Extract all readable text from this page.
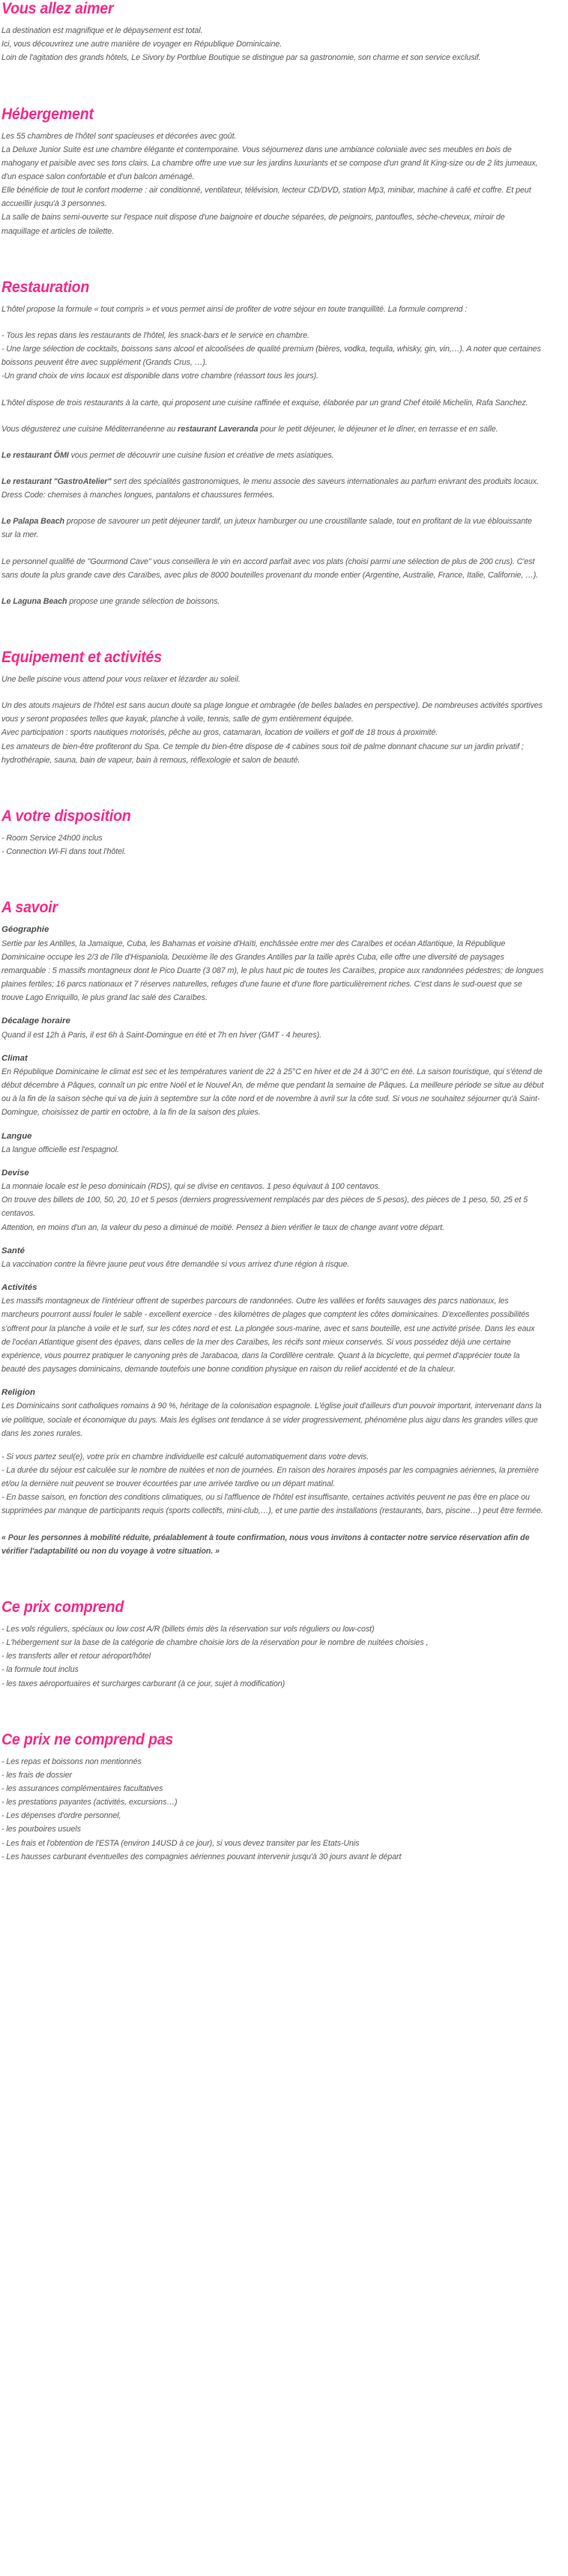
Vous allez aimer
La destination est magnifique et le dépaysement est total.
Ici, vous découvrirez une autre manière de voyager en République Dominicaine.
Loin de l'agitation des grands hôtels, Le Sivory by Portblue Boutique se distingue par sa gastronomie, son charme et son service exclusif.
Hébergement
Les 55 chambres de l'hôtel sont spacieuses et décorées avec goût.
La Deluxe Junior Suite est une chambre élégante et contemporaine. Vous séjournerez dans une ambiance coloniale avec ses meubles en bois de mahogany et paisible avec ses tons clairs. La chambre offre une vue sur les jardins luxuriants et se compose d'un grand lit King-size ou de 2 lits jumeaux, d'un espace salon confortable et d'un balcon aménagé.
Elle bénéficie de tout le confort moderne : air conditionné, ventilateur, télévision, lecteur CD/DVD, station Mp3, minibar, machine à café et coffre. Et peut accueillir jusqu'à 3 personnes.
La salle de bains semi-ouverte sur l'espace nuit dispose d'une baignoire et douche séparées, de peignoirs, pantoufles, sèche-cheveux, miroir de maquillage et articles de toilette.
Restauration
L'hôtel propose la formule « tout compris » et vous permet ainsi de profiter de votre séjour en toute tranquillité. La formule comprend :
- Tous les repas dans les restaurants de l'hôtel, les snack-bars et le service en chambre.
- Une large sélection de cocktails, boissons sans alcool et alcoolisées de qualité premium (bières, vodka, tequila, whisky, gin, vin,…). A noter que certaines boissons peuvent être avec supplément (Grands Crus, …).
-Un grand choix de vins locaux est disponible dans votre chambre (réassort tous les jours).
L'hôtel dispose de trois restaurants à la carte, qui proposent une cuisine raffinée et exquise, élaborée par un grand Chef étoilé Michelin, Rafa Sanchez.
Vous dégusterez une cuisine Méditerranéenne au restaurant Laveranda pour le petit déjeuner, le déjeuner et le dîner, en terrasse et en salle.
Le restaurant ÖMI vous permet de découvrir une cuisine fusion et créative de mets asiatiques.
Le restaurant "GastroAtelier" sert des spécialités gastronomiques, le menu associe des saveurs internationales au parfum enivrant des produits locaux. Dress Code: chemises à manches longues, pantalons et chaussures fermées.
Le Palapa Beach propose de savourer un petit déjeuner tardif, un juteux hamburger ou une croustillante salade, tout en profitant de la vue éblouissante sur la mer.
Le personnel qualifié de "Gourmond Cave" vous conseillera le vin en accord parfait avec vos plats (choisi parmi une sélection de plus de 200 crus). C'est sans doute la plus grande cave des Caraïbes, avec plus de 8000 bouteilles provenant du monde entier (Argentine, Australie, France, Italie, Californie, …).
Le Laguna Beach propose une grande sélection de boissons.
Equipement et activités
Une belle piscine vous attend pour vous relaxer et lézarder au soleil.
Un des atouts majeurs de l'hôtel est sans aucun doute sa plage longue et ombragée (de belles balades en perspective). De nombreuses activités sportives vous y seront proposées telles que kayak, planche à voile, tennis, salle de gym entièrement équipée.
Avec participation : sports nautiques motorisés, pêche au gros, catamaran, location de voiliers et golf de 18 trous à proximité.
Les amateurs de bien-être profiteront du Spa. Ce temple du bien-être dispose de 4 cabines sous toit de palme donnant chacune sur un jardin privatif ; hydrothérapie, sauna, bain de vapeur, bain à remous, réflexologie et salon de beauté.
A votre disposition
- Room Service 24h00 inclus
- Connection Wi-Fi dans tout l'hôtel.
A savoir
Géographie
Sertie par les Antilles, la Jamaïque, Cuba, les Bahamas et voisine d'Haïti, enchâssée entre mer des Caraïbes et océan Atlantique, la République Dominicaine occupe les 2/3 de l'île d'Hispaniola. Deuxième île des Grandes Antilles par la taille après Cuba, elle offre une diversité de paysages remarquable : 5 massifs montagneux dont le Pico Duarte (3 087 m), le plus haut pic de toutes les Caraïbes, propice aux randonnées pédestres; de longues plaines fertiles; 16 parcs nationaux et 7 réserves naturelles, refuges d'une faune et d'une flore particulièrement riches. C'est dans le sud-ouest que se trouve Lago Enriquillo, le plus grand lac salé des Caraïbes.
Décalage horaire
Quand il est 12h à Paris, il est 6h à Saint-Domingue en été et 7h en hiver (GMT - 4 heures).
Climat
En République Dominicaine le climat est sec et les températures varient de 22 à 25°C en hiver et de 24 à 30°C en été. La saison touristique, qui s'étend de début décembre à Pâques, connaît un pic entre Noël et le Nouvel An, de même que pendant la semaine de Pâques. La meilleure période se situe au début ou à la fin de la saison sèche qui va de juin à septembre sur la côte nord et de novembre à avril sur la côte sud. Si vous ne souhaitez séjourner qu'à Saint-Domingue, choisissez de partir en octobre, à la fin de la saison des pluies.
Langue
La langue officielle est l'espagnol.
Devise
La monnaie locale est le peso dominicain (RDS), qui se divise en centavos. 1 peso équivaut à 100 centavos.
On trouve des billets de 100, 50, 20, 10 et 5 pesos (derniers progressivement remplacés par des pièces de 5 pesos), des pièces de 1 peso, 50, 25 et 5 centavos.
Attention, en moins d'un an, la valeur du peso a diminué de moitié. Pensez à bien vérifier le taux de change avant votre départ.
Santé
La vaccination contre la fièvre jaune peut vous être demandée si vous arrivez d'une région à risque.
Activités
Les massifs montagneux de l'intérieur offrent de superbes parcours de randonnées. Outre les vallées et forêts sauvages des parcs nationaux, les marcheurs pourront aussi fouler le sable - excellent exercice - des kilomètres de plages que comptent les côtes dominicaines. D'excellentes possibilités s'offrent pour la planche à voile et le surf, sur les côtes nord et est. La plongée sous-marine, avec et sans bouteille, est une activité prisée. Dans les eaux de l'océan Atlantique gisent des épaves, dans celles de la mer des Caraïbes, les récifs sont mieux conservés. Si vous possédez déjà une certaine expérience, vous pourrez pratiquer le canyoning près de Jarabacoa, dans la Cordillère centrale. Quant à la bicyclette, qui permet d'apprécier toute la beauté des paysages dominicains, demande toutefois une bonne condition physique en raison du relief accidenté et de la chaleur.
Religion
Les Dominicains sont catholiques romains à 90 %, héritage de la colonisation espagnole. L'église jouit d'ailleurs d'un pouvoir important, intervenant dans la vie politique, sociale et économique du pays. Mais les églises ont tendance à se vider progressivement, phénomène plus aigu dans les grandes villes que dans les zones rurales.
- Si vous partez seul(e), votre prix en chambre individuelle est calculé automatiquement dans votre devis.
- La durée du séjour est calculée sur le nombre de nuitées et non de journées. En raison des horaires imposés par les compagnies aériennes, la première et/ou la dernière nuit peuvent se trouver écourtées par une arrivée tardive ou un départ matinal.
- En basse saison, en fonction des conditions climatiques, ou si l'affluence de l'hôtel est insuffisante, certaines activités peuvent ne pas être en place ou supprimées par manque de participants requis (sports collectifs, mini-club,…), et une partie des installations (restaurants, bars, piscine…) peut être fermée.
« Pour les personnes à mobilité réduite, préalablement à toute confirmation, nous vous invitons à contacter notre service réservation afin de vérifier l'adaptabilité ou non du voyage à votre situation. »
Ce prix comprend
- Les vols réguliers, spéciaux ou low cost A/R (billets émis dès la réservation sur vols réguliers ou low-cost)
- L'hébergement sur la base de la catégorie de chambre choisie lors de la réservation pour le nombre de nuitées choisies ,
- les transferts aller et retour aéroport/hôtel
- la formule tout inclus
- les taxes aéroportuaires et surcharges carburant (à ce jour, sujet à modification)
Ce prix ne comprend pas
- Les repas et boissons non mentionnés
- les frais de dossier
- les assurances complémentaires facultatives
- les prestations payantes (activités, excursions…)
- Les dépenses d'ordre personnel,
- les pourboires usuels
- Les frais et l'obtention de l'ESTA (environ 14USD à ce jour), si vous devez transiter par les Etats-Unis
- Les hausses carburant éventuelles des compagnies aériennes pouvant intervenir jusqu'à 30 jours avant le départ
